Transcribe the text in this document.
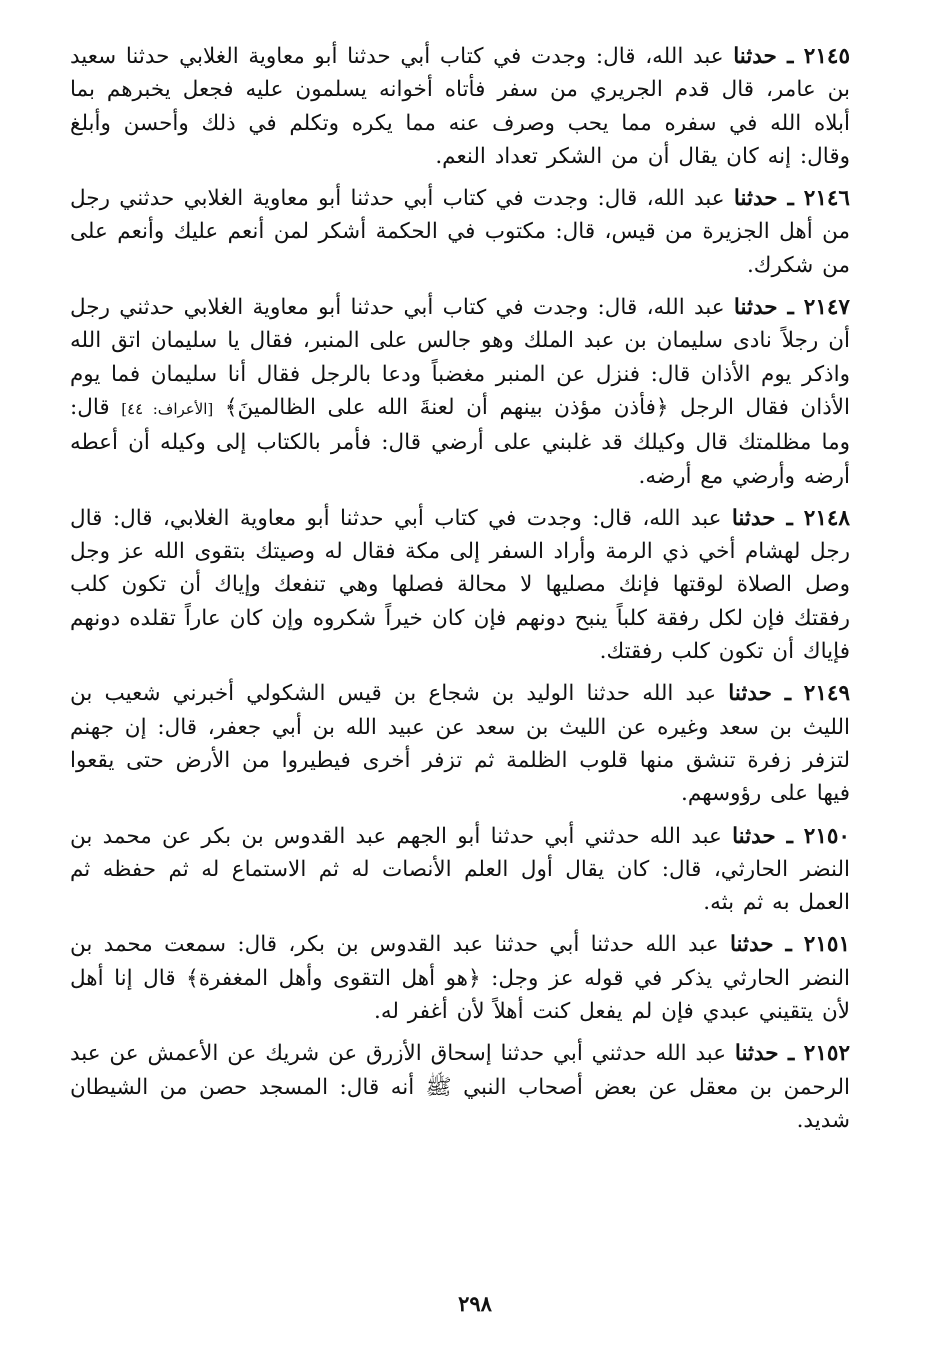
٢١٤٥ ـ حدثنا عبد الله، قال: وجدت في كتاب أبي حدثنا أبو معاوية الغلابي حدثنا سعيد بن عامر، قال قدم الجريري من سفر فأتاه أخوانه يسلمون عليه فجعل يخبرهم بما أبلاه الله في سفره مما يحب وصرف عنه مما يكره وتكلم في ذلك وأحسن وأبلغ وقال: إنه كان يقال أن من الشكر تعداد النعم.

٢١٤٦ ـ حدثنا عبد الله، قال: وجدت في كتاب أبي حدثنا أبو معاوية الغلابي حدثني رجل من أهل الجزيرة من قيس، قال: مكتوب في الحكمة أشكر لمن أنعم عليك وأنعم على من شكرك.

٢١٤٧ ـ حدثنا عبد الله، قال: وجدت في كتاب أبي حدثنا أبو معاوية الغلابي حدثني رجل أن رجلاً نادى سليمان بن عبد الملك وهو جالس على المنبر، فقال يا سليمان اتق الله واذكر يوم الأذان قال: فنزل عن المنبر مغضباً ودعا بالرجل فقال أنا سليمان فما يوم الأذان فقال الرجل ﴿فأذن مؤذن بينهم أن لعنةَ الله على الظالمينَ﴾ [الأعراف: ٤٤] قال: وما مظلمتك قال وكيلك قد غلبني على أرضي قال: فأمر بالكتاب إلى وكيله أن أعطه أرضه وأرضي مع أرضه.

٢١٤٨ ـ حدثنا عبد الله، قال: وجدت في كتاب أبي حدثنا أبو معاوية الغلابي، قال: قال رجل لهشام أخي ذي الرمة وأراد السفر إلى مكة فقال له وصيتك بتقوى الله عز وجل وصل الصلاة لوقتها فإنك مصليها لا محالة فصلها وهي تنفعك وإياك أن تكون كلب رفقتك فإن لكل رفقة كلباً ينبح دونهم فإن كان خيراً شكروه وإن كان عاراً تقلده دونهم فإياك أن تكون كلب رفقتك.

٢١٤٩ ـ حدثنا عبد الله حدثنا الوليد بن شجاع بن قيس الشكولي أخبرني شعيب بن الليث بن سعد وغيره عن الليث بن سعد عن عبيد الله بن أبي جعفر، قال: إن جهنم لتزفر زفرة تنشق منها قلوب الظلمة ثم تزفر أخرى فيطيروا من الأرض حتى يقعوا فيها على رؤوسهم.

٢١٥٠ ـ حدثنا عبد الله حدثني أبي حدثنا أبو الجهم عبد القدوس بن بكر عن محمد بن النضر الحارثي، قال: كان يقال أول العلم الأنصات له ثم الاستماع له ثم حفظه ثم العمل به ثم بثه.

٢١٥١ ـ حدثنا عبد الله حدثنا أبي حدثنا عبد القدوس بن بكر، قال: سمعت محمد بن النضر الحارثي يذكر في قوله عز وجل: ﴿هو أهل التقوى وأهل المغفرة﴾ قال إنا أهل لأن يتقيني عبدي فإن لم يفعل كنت أهلاً لأن أغفر له.

٢١٥٢ ـ حدثنا عبد الله حدثني أبي حدثنا إسحاق الأزرق عن شريك عن الأعمش عن عبد الرحمن بن معقل عن بعض أصحاب النبي ﷺ أنه قال: المسجد حصن من الشيطان شديد.

٢٩٨
